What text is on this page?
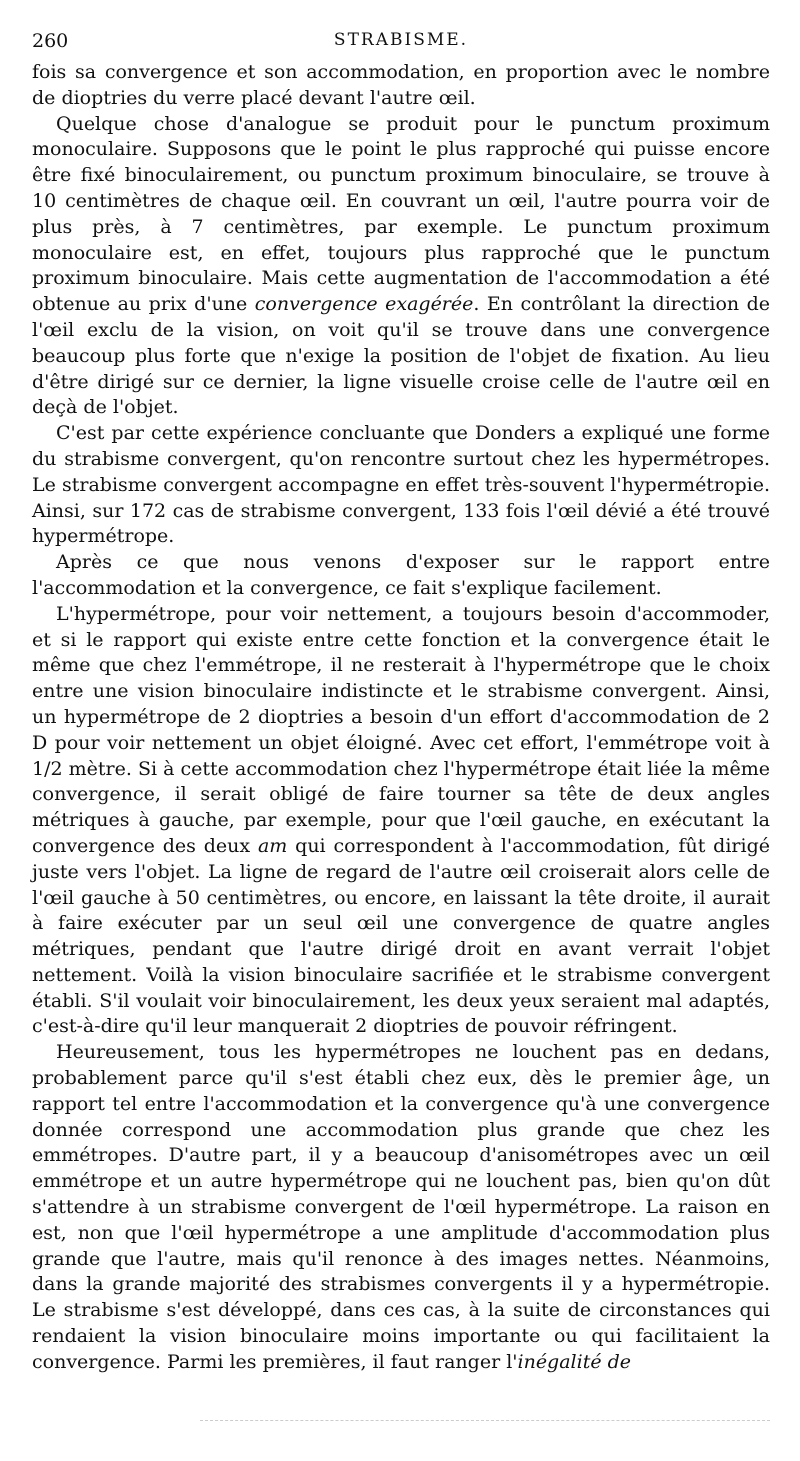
260	STRABISME.

fois sa convergence et son accommodation, en proportion avec le nombre de dioptries du verre placé devant l'autre œil.

Quelque chose d'analogue se produit pour le punctum proximum monoculaire. Supposons que le point le plus rapproché qui puisse encore être fixé binoculairement, ou punctum proximum binoculaire, se trouve à 10 centimètres de chaque œil. En couvrant un œil, l'autre pourra voir de plus près, à 7 centimètres, par exemple. Le punctum proximum monoculaire est, en effet, toujours plus rapproché que le punctum proximum binoculaire. Mais cette augmentation de l'accommodation a été obtenue au prix d'une convergence exagérée. En contrôlant la direction de l'œil exclu de la vision, on voit qu'il se trouve dans une convergence beaucoup plus forte que n'exige la position de l'objet de fixation. Au lieu d'être dirigé sur ce dernier, la ligne visuelle croise celle de l'autre œil en deçà de l'objet.

C'est par cette expérience concluante que Donders a expliqué une forme du strabisme convergent, qu'on rencontre surtout chez les hypermétropes. Le strabisme convergent accompagne en effet très-souvent l'hypermétropie. Ainsi, sur 172 cas de strabisme convergent, 133 fois l'œil dévié a été trouvé hypermétrope.

Après ce que nous venons d'exposer sur le rapport entre l'accommodation et la convergence, ce fait s'explique facilement.

L'hypermétrope, pour voir nettement, a toujours besoin d'accommoder, et si le rapport qui existe entre cette fonction et la convergence était le même que chez l'emmétrope, il ne resterait à l'hypermétrope que le choix entre une vision binoculaire indistincte et le strabisme convergent. Ainsi, un hypermétrope de 2 dioptries a besoin d'un effort d'accommodation de 2 D pour voir nettement un objet éloigné. Avec cet effort, l'emmétrope voit à 1/2 mètre. Si à cette accommodation chez l'hypermétrope était liée la même convergence, il serait obligé de faire tourner sa tête de deux angles métriques à gauche, par exemple, pour que l'œil gauche, en exécutant la convergence des deux am qui correspondent à l'accommodation, fût dirigé juste vers l'objet. La ligne de regard de l'autre œil croiserait alors celle de l'œil gauche à 50 centimètres, ou encore, en laissant la tête droite, il aurait à faire exécuter par un seul œil une convergence de quatre angles métriques, pendant que l'autre dirigé droit en avant verrait l'objet nettement. Voilà la vision binoculaire sacrifiée et le strabisme convergent établi. S'il voulait voir binoculairement, les deux yeux seraient mal adaptés, c'est-à-dire qu'il leur manquerait 2 dioptries de pouvoir réfringent.

Heureusement, tous les hypermétropes ne louchent pas en dedans, probablement parce qu'il s'est établi chez eux, dès le premier âge, un rapport tel entre l'accommodation et la convergence qu'à une convergence donnée correspond une accommodation plus grande que chez les emmétropes. D'autre part, il y a beaucoup d'anisométropes avec un œil emmétrope et un autre hypermétrope qui ne louchent pas, bien qu'on dût s'attendre à un strabisme convergent de l'œil hypermétrope. La raison en est, non que l'œil hypermétrope a une amplitude d'accommodation plus grande que l'autre, mais qu'il renonce à des images nettes. Néanmoins, dans la grande majorité des strabismes convergents il y a hypermétropie. Le strabisme s'est développé, dans ces cas, à la suite de circonstances qui rendaient la vision binoculaire moins importante ou qui facilitaient la convergence. Parmi les premières, il faut ranger l'inégalité de
